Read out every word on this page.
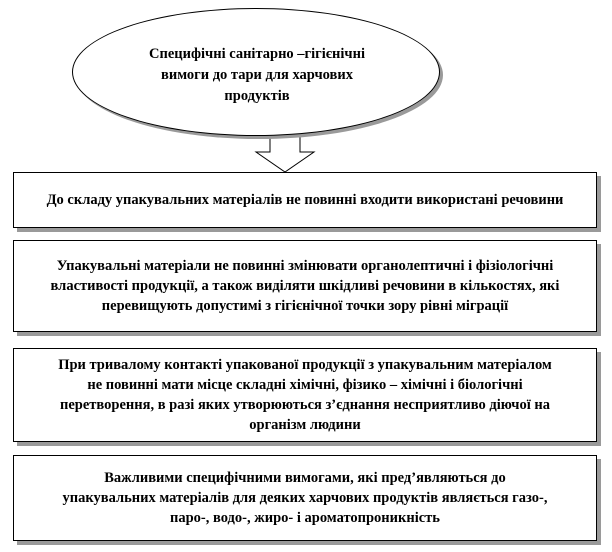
Специфічні санітарно –гігієнічні вимоги до тари для харчових продуктів
До складу упакувальних матеріалів не повинні входити використані речовини
Упакувальні матеріали не повинні змінювати органолептичні і фізіологічні властивості продукції, а також виділяти шкідливі речовини в кількостях, які перевищують допустимі з гігієнічної точки зору рівні міграції
При тривалому контакті упакованої продукції з упакувальним матеріалом не повинні мати місце складні хімічні, фізико – хімічні і біологічні перетворення, в разі яких утворюються з’єднання несприятливо діючої на організм людини
Важливими специфічними вимогами, які пред’являються до упакувальних матеріалів для деяких харчових продуктів являється газо-, паро-, водо-, жиро- і ароматопроникність
